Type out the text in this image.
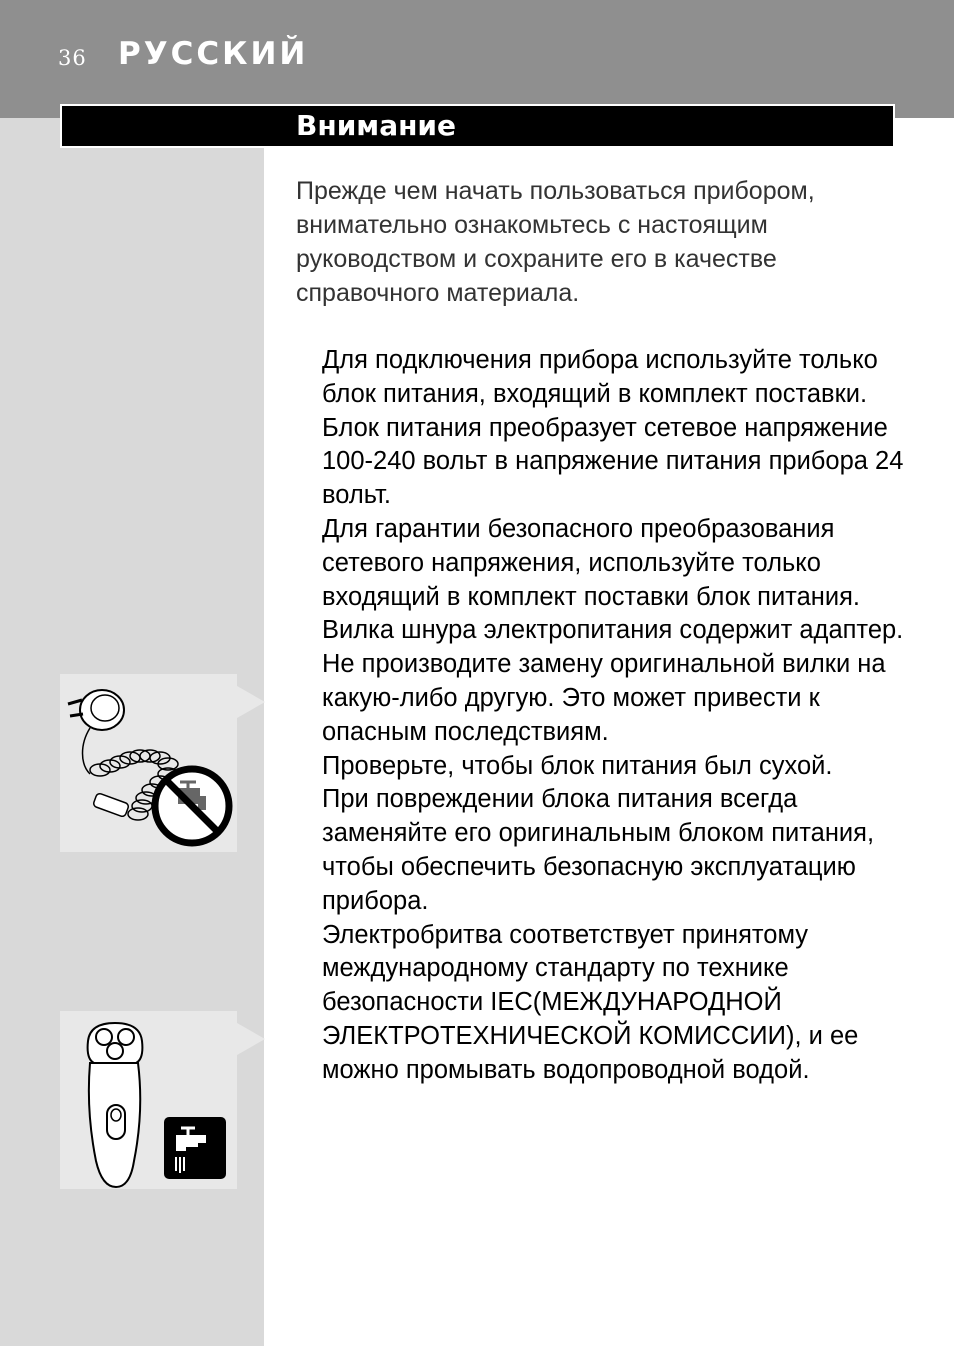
36 РУССКИЙ
Внимание

Прежде чем начать пользоваться прибором, внимательно ознакомьтесь с настоящим руководством и сохраните его в качестве справочного материала.

Для подключения прибора используйте только блок питания, входящий в комплект поставки.
Блок питания преобразует сетевое напряжение 100-240 вольт в напряжение питания прибора 24 вольт.
Для гарантии безопасного преобразования сетевого напряжения, используйте только входящий в комплект поставки блок питания.
Вилка шнура электропитания содержит адаптер. Не производите замену оригинальной вилки на какую-либо другую. Это может привести к опасным последствиям.
Проверьте, чтобы блок питания был сухой.
При повреждении блока питания всегда заменяйте его оригинальным блоком питания, чтобы обеспечить безопасную эксплуатацию прибора.
Электробритва соответствует принятому международному стандарту по технике безопасности IEC(МЕЖДУНАРОДНОЙ ЭЛЕКТРОТЕХНИЧЕСКОЙ КОМИССИИ), и ее можно промывать водопроводной водой.
